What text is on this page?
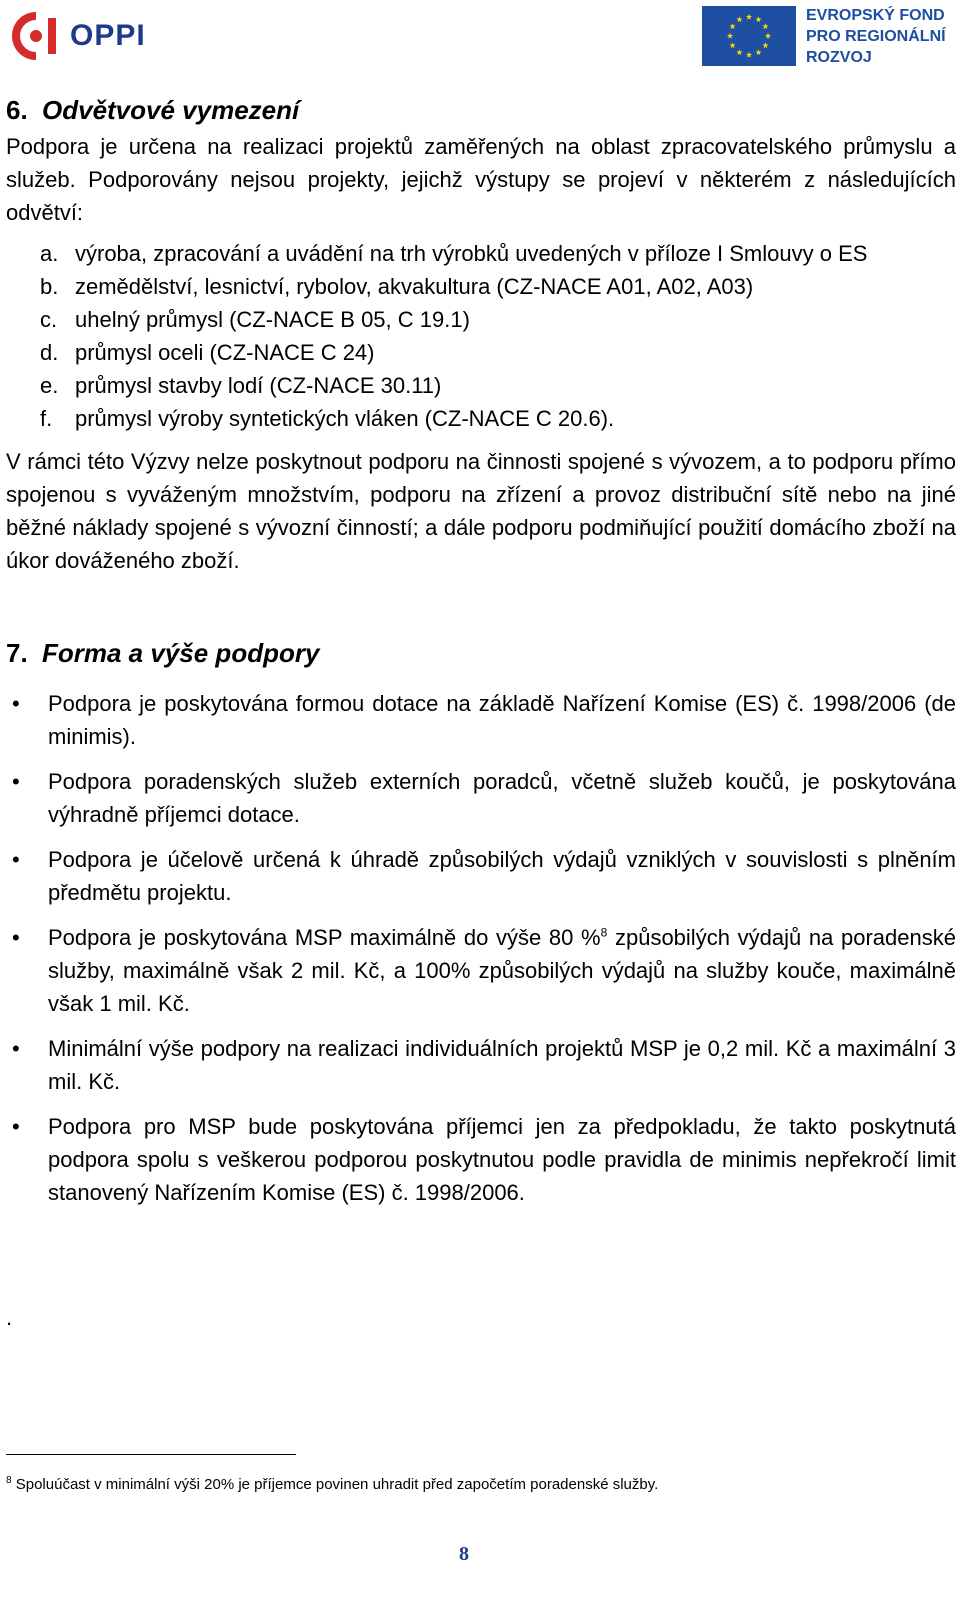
OPPI
EVROPSKÝ FOND
PRO REGIONÁLNÍ
ROZVOJ
6. Odvětvové vymezení

Podpora je určena na realizaci projektů zaměřených na oblast zpracovatelského průmyslu a služeb. Podporovány nejsou projekty, jejichž výstupy se projeví v některém z následujících odvětví:

a. výroba, zpracování a uvádění na trh výrobků uvedených v příloze I Smlouvy o ES
b. zemědělství, lesnictví, rybolov, akvakultura (CZ-NACE A01, A02, A03)
c. uhelný průmysl (CZ-NACE B 05, C 19.1)
d. průmysl oceli (CZ-NACE C 24)
e. průmysl stavby lodí (CZ-NACE 30.11)
f. průmysl výroby syntetických vláken (CZ-NACE C 20.6).

V rámci této Výzvy nelze poskytnout podporu na činnosti spojené s vývozem, a to podporu přímo spojenou s vyváženým množstvím, podporu na zřízení a provoz distribuční sítě nebo na jiné běžné náklady spojené s vývozní činností; a dále podporu podmiňující použití domácího zboží na úkor dováženého zboží.

7. Forma a výše podpory
• Podpora je poskytována formou dotace na základě Nařízení Komise (ES) č. 1998/2006 (de minimis).
• Podpora poradenských služeb externích poradců, včetně služeb koučů, je poskytována výhradně příjemci dotace.
• Podpora je účelově určená k úhradě způsobilých výdajů vzniklých v souvislosti s plněním předmětu projektu.
• Podpora je poskytována MSP maximálně do výše 80 %$^8$ způsobilých výdajů na poradenské služby, maximálně však 2 mil. Kč, a 100% způsobilých výdajů na služby kouče, maximálně však 1 mil. Kč.
• Minimální výše podpory na realizaci individuálních projektů MSP je 0,2 mil. Kč a maximální 3 mil. Kč.
• Podpora pro MSP bude poskytována příjemci jen za předpokladu, že takto poskytnutá podpora spolu s veškerou podporou poskytnutou podle pravidla de minimis nepřekročí limit stanovený Nařízením Komise (ES) č. 1998/2006.
.
$^8$ Spoluúčast v minimální výši 20% je příjemce povinen uhradit před započetím poradenské služby.
8
